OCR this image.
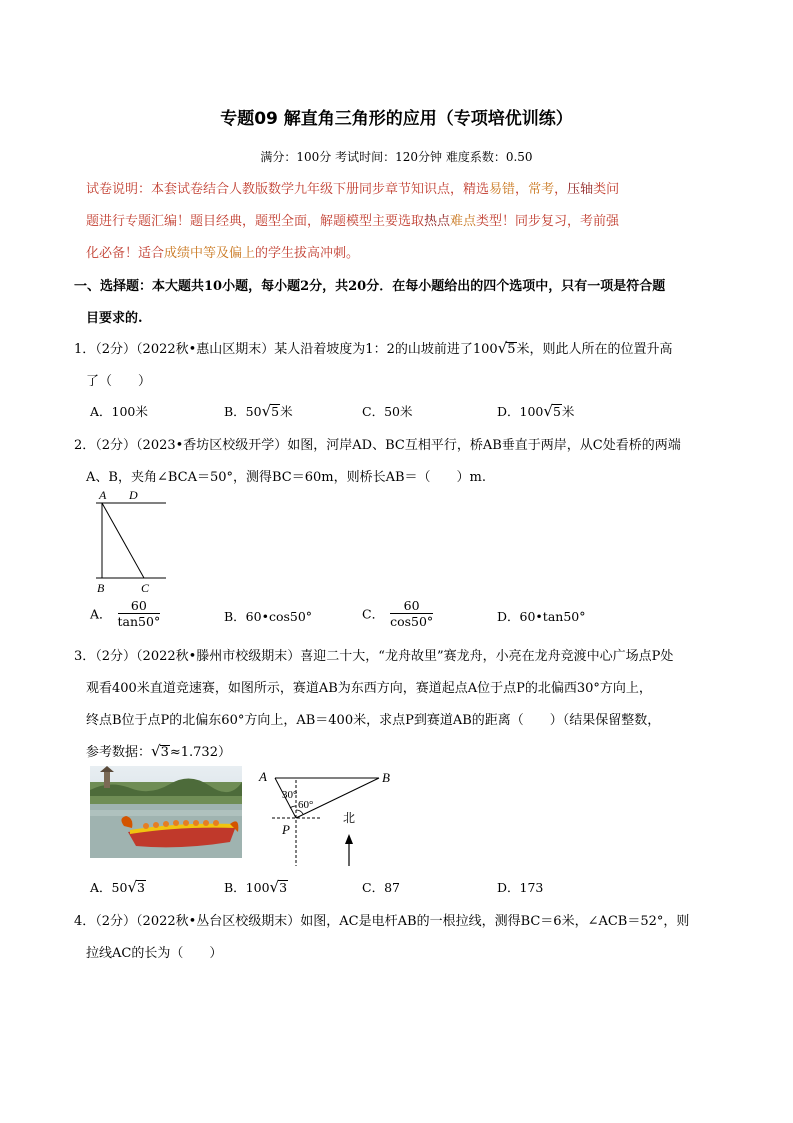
专题09 解直角三角形的应用（专项培优训练）
满分：100分 考试时间：120分钟 难度系数：0.50
试卷说明：本套试卷结合人教版数学九年级下册同步章节知识点，精选易错，常考，压轴类问
题进行专题汇编！题目经典，题型全面，解题模型主要选取热点难点类型！同步复习，考前强
化必备！适合成绩中等及偏上的学生拔高冲刺。
一、选择题：本大题共10小题，每小题2分，共20分．在每小题给出的四个选项中，只有一项是符合题
目要求的.
1．（2分）（2022秋•惠山区期末）某人沿着坡度为1：2的山坡前进了100√5米，则此人所在的位置升高
了（　　）
A．100米	B．50√5米	C．50米	D．100√5米
2．（2分）（2023•香坊区校级开学）如图，河岸AD、BC互相平行，桥AB垂直于两岸，从C处看桥的两端
A、B，夹角∠BCA＝50°，测得BC＝60m，则桥长AB＝（　　）m.
A D
B	C
A． $\frac{60}{\tan 50^\circ}$	B．60•cos50°	C． $\frac{60}{\cos 50^\circ}$	D．60•tan50°
3．（2分）（2022秋•滕州市校级期末）喜迎二十大，“龙舟故里”赛龙舟，小亮在龙舟竞渡中心广场点P处
观看400米直道竞速赛，如图所示，赛道AB为东西方向，赛道起点A位于点P的北偏西30°方向上，
终点B位于点P的北偏东60°方向上，AB＝400米，求点P到赛道AB的距离（　　）（结果保留整数，
参考数据：√3≈1.732）
A	B
30°
60°
P
北
A．50√3	B．100√3	C．87	D．173
4．（2分）（2022秋•丛台区校级期末）如图，AC是电杆AB的一根拉线，测得BC＝6米，∠ACB＝52°，则
拉线AC的长为（　　）
